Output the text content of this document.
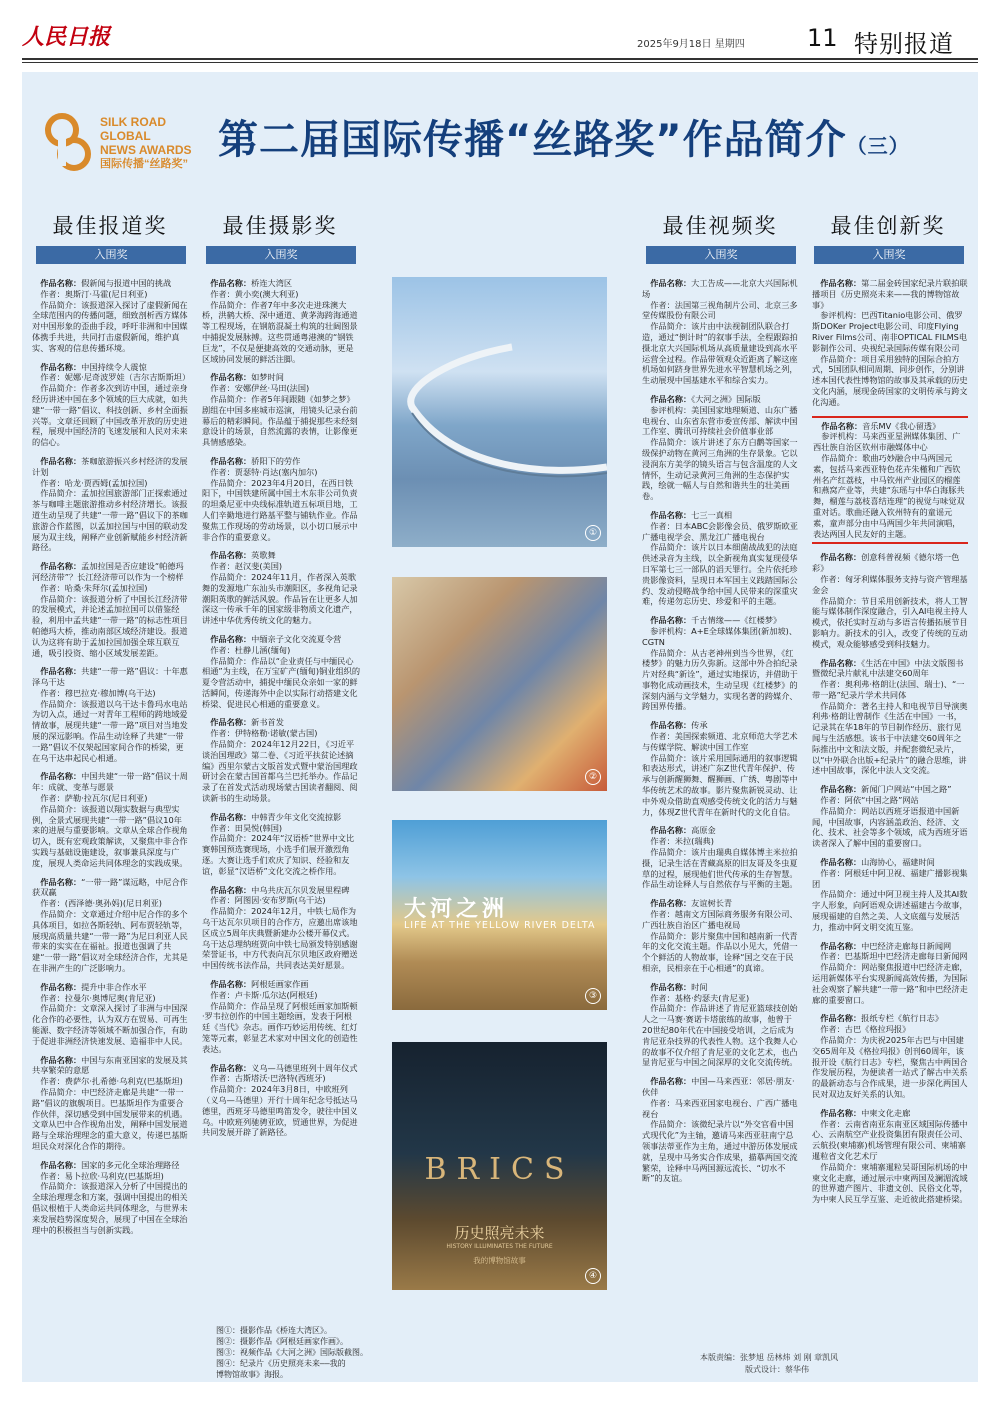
人民日报	2025年9月18日 星期四	11 特别报道
SILK ROAD
GLOBAL
NEWS AWARDS
国际传播“丝路奖”
第二届国际传播“丝路奖”作品简介（三）
最佳报道奖	最佳摄影奖	最佳视频奖	最佳创新奖
入围奖	入围奖	入围奖	入围奖

作品名称：假新闻与报道中国的挑战

作者：奥斯汀·马霍(尼日利亚)

作品简介：该报道深入探讨了虚假新闻在全球范围内的传播问题，细致剖析西方媒体对中国形象的歪曲手段，呼吁非洲和中国媒体携手共进，共同打击虚假新闻，维护真实、客观的信息传播环境。

作品名称：中国持续令人震惊

作者：妮娜·尼奇波罗娃（吉尔吉斯斯坦）

作品简介：作者多次到访中国，通过亲身经历讲述中国在多个领域的巨大成就，如共建“一带一路”倡议、科技创新、乡村全面振兴等。文章还回顾了中国改革开放的历史进程，展现中国经济的飞速发展和人民对未来的信心。

作品名称：茶咖旅游振兴乡村经济的发展计划

作者：哈龙·贾西姆(孟加拉国)

作品简介：孟加拉国旅游部门正探索通过茶与咖啡主题旅游推动乡村经济增长。该报道生动呈现了共建“一带一路”倡议下的茶咖旅游合作蓝图，以孟加拉国与中国的联动发展为双主线，阐释产业创新赋能乡村经济新路径。

作品名称：孟加拉国是否应建设“帕德玛河经济带”？长江经济带可以作为一个榜样

作者：哈桑·朱拜尔(孟加拉国)

作品简介：该报道分析了中国长江经济带的发展模式，并论述孟加拉国可以借鉴经验，利用中孟共建“一带一路”的标志性项目帕德玛大桥，推动南部区域经济建设。报道认为这将有助于孟加拉国加强全球互联互通，吸引投资、缩小区域发展差距。

作品名称：共建“一带一路”倡议：十年惠泽乌干达

作者：穆巴拉克·穆加博(乌干达)

作品简介：该报道以乌干达卡鲁玛水电站为切入点，通过一对青年工程师的跨地域爱情故事，展现共建“一带一路”项目对当地发展的深远影响。作品生动诠释了共建“一带一路”倡议不仅架起国家间合作的桥梁，更在乌干达串起民心相通。

作品名称：中国共建“一带一路”倡议十周年：成就、变革与愿景

作者：萨勒·拉瓦尔(尼日利亚)

作品简介：该报道以翔实数据与典型实例，全景式展现共建“一带一路”倡议10年来的进展与重要影响。文章从全球合作视角切入，既有宏观政策解读，又聚焦中非合作实践与基础设施建设，叙事兼具深度与广度，展现人类命运共同体理念的实践成果。

作品名称：“一带一路”谋远略，中尼合作获双赢

作者：(西泽德·奥孙妈)(尼日利亚)

作品简介：文章通过介绍中尼合作的多个具体项目，如拉各斯轻轨、阿布贾轻轨等，展现高质量共建“一带一路”为尼日利亚人民带来的实实在在福祉。报道也强调了共建“一带一路”倡议对全球经济合作，尤其是在非洲产生的广泛影响力。

作品名称：提升中非合作水平

作者：拉曼尔·奥博尼奥(肯尼亚)

作品简介：文章深入探讨了非洲与中国深化合作的必要性，认为双方在贸易、可再生能源、数字经济等领域不断加强合作，有助于促进非洲经济快速发展、造福非中人民。

作品名称：中国与东南亚国家的发展及其共享繁荣的意愿

作者：费萨尔·扎希德·乌利克(巴基斯坦)

作品简介：中巴经济走廊是共建“一带一路”倡议的旗舰项目。巴基斯坦作为重要合作伙伴，深切感受到中国发展带来的机遇。文章从巴中合作视角出发，阐释中国发展道路与全球治理理念的重大意义，传递巴基斯坦民众对深化合作的期待。

作品名称：国家的多元化全球治理路径

作者：易卜拉欣·马利克(巴基斯坦)

作品简介：该报道深入分析了中国提出的全球治理理念和方案，强调中国提出的相关倡议根植于人类命运共同体理念，与世界未来发展趋势深度契合，展现了中国在全球治理中的积极担当与创新实践。

作品名称：桥连大湾区

作者：黄小奕(澳大利亚)

作品简介：作者7年中多次走进珠澳大桥，洪鹤大桥、深中通道、黄茅海跨海通道等工程现场，在钢筋混凝土构筑的壮阔图景中捕捉发展脉搏。这些贯通粤港澳的“钢铁巨龙”，不仅是便捷高效的交通动脉，更是区域协同发展的鲜活注脚。

作品名称：如梦时间

作者：安娜伊丝·马田(法国)

作品简介：作者5年间跟随《如梦之梦》剧组在中国多座城市巡演，用镜头记录台前幕后的精彩瞬间。作品蕴于捕捉那些未经刻意设计的场景，自然流露的表情，让影像更具情感感染。

作品名称：骄阳下的劳作

作者：贾瑟特·肖达(塞内加尔)

作品简介：2023年4月20日，在西日铁阳下，中国铁建所属中国土木东非公司负责的坦桑尼亚中央线标准轨道五标项目地，工人们辛勤地进行路基平整与铺轨作业。作品聚焦工作现场的劳动场景，以小切口展示中非合作的重要意义。

作品名称：英歌舞

作者：赵汉斐(美国)

作品简介：2024年11月，作者深入英歌舞的发源地广东汕头市潮阳区，多视角记录潮阳英歌的鲜活风貌。作品旨在让更多人加深这一传承千年的国家级非物质文化遗产，讲述中华优秀传统文化的魅力。

作品名称：中缅亲子文化交流夏令营

作者：杜静儿涵(缅甸)

作品简介：作品以“企业责任与中缅民心相通”为主线，在万宝矿产(缅甸)铜业组织的夏令营活动中，捕捉中缅民众亲如一家的鲜活瞬间，传递海外中企以实际行动搭建文化桥梁、促进民心相通的重要意义。

作品名称：新书首发

作者：伊特格勒·诺敏(蒙古国)

作品简介：2024年12月22日，《习近平谈治国理政》第二卷、《习近平扶贫论述摘编》西里尔蒙古文版首发式暨中蒙治国理政研讨会在蒙古国首都乌兰巴托举办。作品记录了在首发式活动现场蒙古国读者翻阅、阅读新书的生动场景。

作品名称：中韩青少年文化交流掠影

作者：田昊悦(韩国)

作品简介：2024年“汉语桥”世界中文比赛韩国预选赛现场，小选手们展开激烈角逐。大赛让选手们欢庆了知识、经验和友谊，彰显“汉语桥”文化交流之桥作用。

作品名称：中乌共庆瓦尔贝发展里程碑

作者：阿图因·安布罗斯(乌干达)

作品简介：2024年12月，中铁七局作为乌干达瓦尔贝项目的合作方，应邀出席该地区成立5周年庆典暨新建办公楼开幕仪式。乌干达总理纳班贾向中铁七局颁发特别感谢荣誉证书，中方代表向瓦尔贝地区政府赠送中国传统书法作品，共同表达美好愿景。

作品名称：阿根廷画家作画

作者：卢卡斯·瓜尔达(阿根廷)

作品简介：作品呈现了阿根廷画家加斯顿·罗韦拉创作的中国主题绘画，发表于阿根廷《当代》杂志。画作巧妙运用传统、红灯笼等元素，彰显艺术家对中国文化的创造性表达。

作品名称：义乌—马德里班列十周年仪式

作者：古斯塔沃·巴洛特(西班牙)

作品简介：2024年3月8日，中欧班列（义乌—马德里）开行十周年纪念号抵达马德里，西班牙马德里鸣笛发令，驶往中国义乌。中欧班列驰骋亚欧，贸通世界，为促进共同发展开辟了新路径。

作品名称：大工告成——北京大兴国际机场

作者：法国第三视角制片公司、北京三多堂传媒股份有限公司

作品简介：该片由中法视制团队联合打造，通过“倒计时”的叙事手法，全程跟踪拍摄北京大兴国际机场从高质量建设到高水平运营全过程。作品带领观众近距离了解这座机场如何跻身世界先进水平智慧机场之列，生动展现中国基建水平和综合实力。

作品名称：《大河之洲》国际版

参评机构：美国国家地理频道、山东广播电视台、山东省东营市委宣传部、解读中国工作室、腾讯可持续社会价值事业部

作品简介：该片讲述了东方白鹳等国家一级保护动物在黄河三角洲的生存景象。它以浸润东方美学的镜头语言与包含温度的人文情怀，生动记录黄河三角洲的生态保护实践，绘就一幅人与自然和谐共生的壮美画卷。

作品名称：七三一真相

作者：日本ABC会影像会员、俄罗斯欧亚广播电视学会、黑龙江广播电视台

作品简介：该片以日本细菌战战犯的法庭供述录音为主线，以全新视角真实复现侵华日军第七三一部队的滔天罪行。全片依托珍贵影像资料，呈现日本军国主义践踏国际公约、发动侵略战争给中国人民带来的深重灾难，传递勿忘历史、珍爱和平的主题。

作品名称：千古情缘——《红楼梦》

参评机构：A+E全球媒体集团(新加坡)、CGTN

作品简介：从古老神州到当今世界，《红楼梦》的魅力历久弥新。这部中外合拍纪录片对经典“新诠”，通过实地探访，并借助于事物化成动画技术，生动呈现《红楼梦》的深刻内涵与文学魅力，实现名著的跨媒介、跨国界传播。

作品名称：传承

作者：美国探索频道、北京师范大学艺术与传媒学院、解读中国工作室

作品简介：该片采用国际通用的叙事逻辑和表达形式，讲述广东Z世代青年保护、传承与创新醒狮舞、醒狮画、广绣、粤剧等中华传统艺术的故事。影片聚焦新锐灵动、让中外观众借助直观感受传统文化的活力与魅力，体现Z世代青年在新时代的文化自信。

作品名称：高原金

作者：米拉(瑞典)

作品简介：该片由瑞典自媒体博主米拉拍摄，记录生活在青藏高原的旧友哥及冬虫夏草的过程，展现他们世代传承的生存智慧。作品生动诠释人与自然依存与平衡的主题。

作品名称：友谊树长青

作者：越南文方国际商务服务有限公司、广西壮族自治区广播电视局

作品简介：影片聚焦中国和越南新一代青年的文化交流主题。作品以小见大，凭借一个个鲜活的人物故事，诠释“国之交在于民相亲，民相亲在于心相通”的真谛。

作品名称：时间

作者：基格·约瑟夫(肯尼亚)

作品简介：作品讲述了肯尼亚篮球技创始人之一马赛·赛诺卡塔旅练的故事，他曾于20世纪80年代在中国接受培训，之后成为肯尼亚杂技界的代表性人物。这个我舞人心的故事不仅介绍了肯尼亚的文化艺术，也凸显肯尼亚与中国之间深厚的文化交流传统。

作品名称：中国—马来西亚：邻居·朋友·伙伴

作者：马来西亚国家电视台、广西广播电视台

作品简介：该微纪录片以“外交官看中国式现代化”为主轴，邀请马来西亚驻南宁总领事法蒂亚作为主角，通过中游历体发展成就，呈现中马务实合作成果，描摹两国交流繁荣，诠释中马两国源远流长、“切水不断”的友谊。

作品名称：第二届金砖国家纪录片联拍联播项目《历史照亮未来——我的博物馆故事》

参评机构：巴西Titanio电影公司、俄罗斯DOKer Project电影公司、印度Flying River Films公司、南非OPTICAL FILMS电影制作公司、央视纪录国际传媒有限公司

作品简介：项目采用独特的国际合拍方式，5国团队相同周期、同步创作，分别讲述本国代表性博物馆的故事及其承载的历史文化内涵，展现金砖国家的文明传承与跨文化沟通。

作品名称：音乐MV《我心留透》

参评机构：马来西亚星洲媒体集团、广西壮族自治区钦州市融媒体中心

作品简介：歌曲巧妙融合中马两国元素，包括马来西亚特色花卉朱槿和广西钦州名产红荔枝，中马钦州产业园区的榴莲和燕窝产业等，共建“东瑶与中华白海豚共舞，榴莲与荔枝喜结连理”的视觉与味觉双重对话。歌曲还融入钦州特有的童谣元素，童声部分由中马两国少年共同演唱，表达两国人民友好的主题。

作品名称：创意科普视频《德尔塔一色彩》

作者：匈牙利媒体服务支持与资产管理基金会

作品简介：节目采用创新技术，将人工智能与媒体制作深度融合，引入AI电视主持人模式，依托实时互动与多语言传播拓展节目影响力。新技术的引入，改变了传统的互动模式，观众能够感受到科技魅力。

作品名称：《生活在中国》中法文版图书暨微纪录片献礼中法建交60周年

作者：奥利弗·格朗让(法国、瑞士)、“一带一路”纪录片学术共同体

作品简介：著名主持人和电视节目导演奥利弗·格朗让曾制作《生活在中国》一书，记录其在华18年的节目制作经历、旅行见闻与生活感想。该书于中法建交60周年之际推出中文和法文版，并配套微纪录片，以“中外联合出版+纪录片”的融合思维，讲述中国故事，深化中法人文交流。

作品名称：新闻门户网站“中国之路”

作者：阿依“中国之路”网站

作品简介：网站以西班牙语报道中国新闻，中国故事，内容涵盖政治、经济、文化、技术、社会等多个领域，成为西班牙语读者深入了解中国的重要窗口。

作品名称：山海协心，福建时间

作者：阿根廷中阿卫视、福建广播影视集团

作品简介：通过中阿卫视主持人及其AI数字人形象，向阿语观众讲述福建古今故事，展现福建的自然之美、人文底蕴与发展活力，推动中阿文明交流互鉴。

作品名称：中巴经济走廊每日新闻网

作者：巴基斯坦中巴经济走廊每日新闻网

作品简介：网站聚焦报道中巴经济走廊，运用新媒体平台实现新闻高效传播，为国际社会观察了解共建“一带一路”和中巴经济走廊的重要窗口。

作品名称：报纸专栏《航行日志》

作者：古巴《格拉玛报》

作品简介：为庆祝2025年古巴与中国建交65周年及《格拉玛报》创刊60周年，该报开设《航行日志》专栏，聚焦古中两国合作发展历程，为便读者一站式了解古中关系的最新动态与合作成果，进一步深化两国人民对双边友好关系的认知。

作品名称：中柬文化走廊

作者：云南省南亚东南亚区域国际传播中心、云南航空产业投资集团有限责任公司、云航投(柬埔寨)机场管理有限公司、柬埔寨暹粒省文化艺术厅

作品简介：柬埔寨暹粒吴哥国际机场的中柬文化走廊，通过展示中柬两国及澜湄流域的世界遗产图片、非遗文创、民俗文化等，为中柬人民互学互鉴、走近彼此搭建桥梁。

①
②
大河之洲
LIFE AT THE YELLOW RIVER DELTA
③
BRICS
历史照亮未来
HISTORY ILLUMINATES THE FUTURE
我的博物馆故事
④
图①：摄影作品《桥连大湾区》。
图②：摄影作品《阿根廷画家作画》。
图③：视频作品《大河之洲》国际版截图。
图④：纪录片《历史照亮未来——我的
博物馆故事》海报。
本版责编：张梦旭 岳林炜 刘 刚 章凯风
版式设计：蔡华伟
